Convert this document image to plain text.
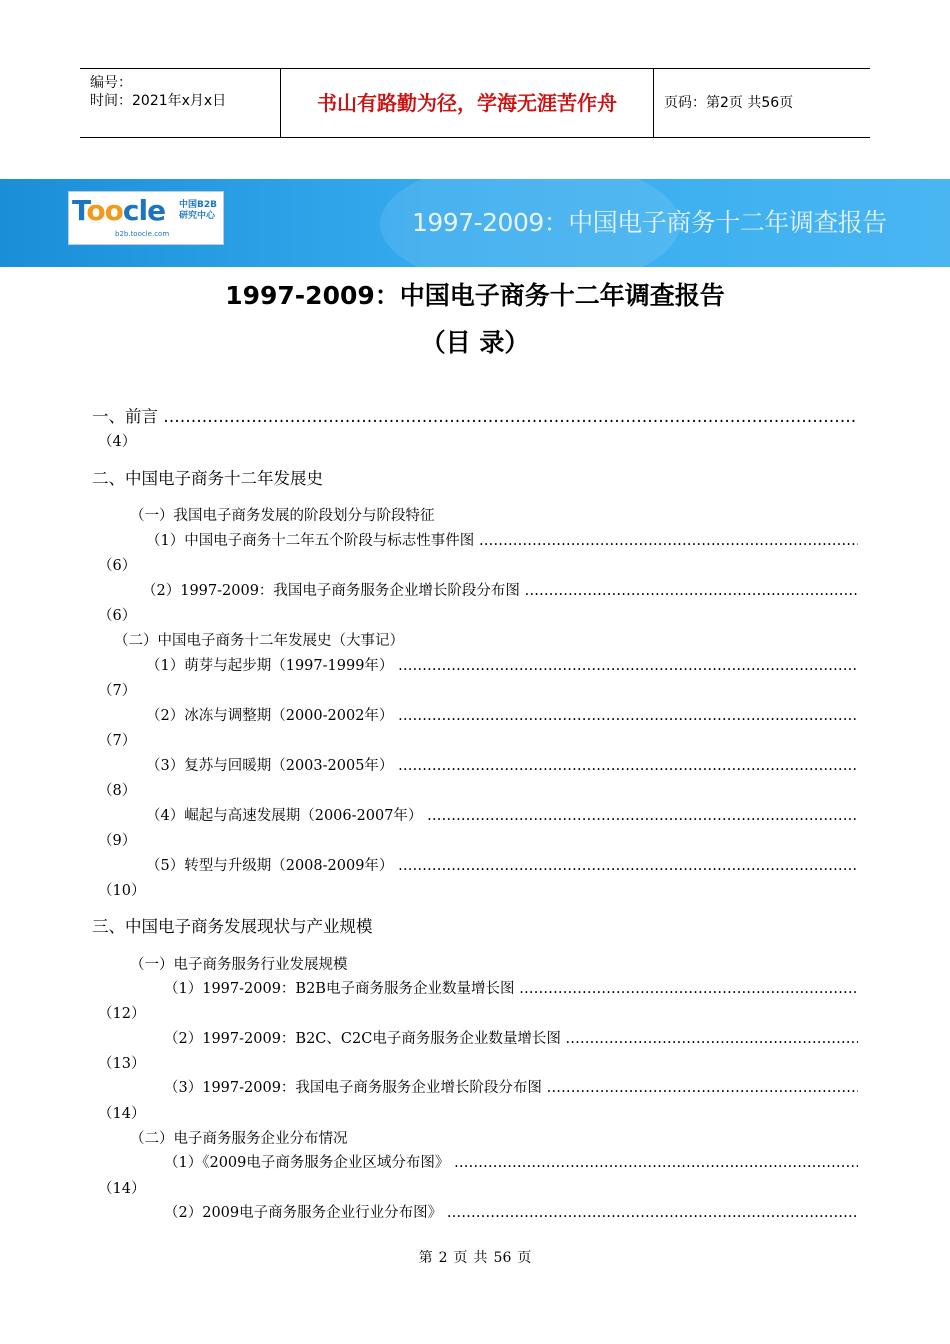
编号：
时间：2021年x月x日	书山有路勤为径，学海无涯苦作舟	页码：第2页 共56页
Toocle 中国B2B
研究中心
b2b.toocle.com	1997-2009：中国电子商务十二年调查报告
1997-2009：中国电子商务十二年调查报告
（目 录）
一、前言 …………………………………………………………………………………………………………………………………………………………………………………………………………
（4）
二、中国电子商务十二年发展史
（一）我国电子商务发展的阶段划分与阶段特征
（1）中国电子商务十二年五个阶段与标志性事件图 …………………………………………………………………………………………………………………………………………………………………………………………………………
（6）
（2）1997-2009：我国电子商务服务企业增长阶段分布图 …………………………………………………………………………………………………………………………………………………………………………………………………………
（6）
（二）中国电子商务十二年发展史（大事记）
（1）萌芽与起步期（1997-1999年） …………………………………………………………………………………………………………………………………………………………………………………………………………
（7）
（2）冰冻与调整期（2000-2002年） …………………………………………………………………………………………………………………………………………………………………………………………………………
（7）
（3）复苏与回暖期（2003-2005年） …………………………………………………………………………………………………………………………………………………………………………………………………………
（8）
（4）崛起与高速发展期（2006-2007年） …………………………………………………………………………………………………………………………………………………………………………………………………………
（9）
（5）转型与升级期（2008-2009年） …………………………………………………………………………………………………………………………………………………………………………………………………………
（10）
三、中国电子商务发展现状与产业规模
（一）电子商务服务行业发展规模
（1）1997-2009：B2B电子商务服务企业数量增长图 …………………………………………………………………………………………………………………………………………………………………………………………………………
（12）
（2）1997-2009：B2C、C2C电子商务服务企业数量增长图 …………………………………………………………………………………………………………………………………………………………………………………………………………
（13）
（3）1997-2009：我国电子商务服务企业增长阶段分布图 …………………………………………………………………………………………………………………………………………………………………………………………………………
（14）
（二）电子商务服务企业分布情况
（1）《2009电子商务服务企业区域分布图》 …………………………………………………………………………………………………………………………………………………………………………………………………………
（14）
（2）2009电子商务服务企业行业分布图》 …………………………………………………………………………………………………………………………………………………………………………………………………………
第 2 页 共 56 页
